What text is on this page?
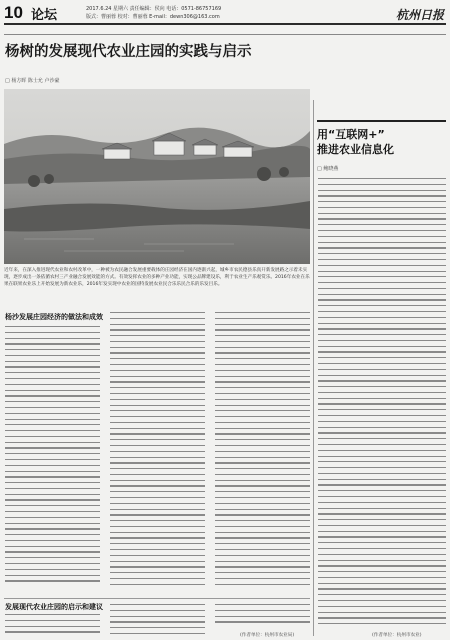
10 论坛	2017.6.24 星期六 责任编辑：侯向 电话：0571-86757169
版式：曹丽蓉 校对：曹丽蓉 E-mail：dewn306@163.com	杭州日报
杨树的发展现代农业庄园的实践与启示
□ 杨方晖 陈士允 卢沙豪
近年来，在深入推进现代农业和农村改革中，一种被为农民融合发展重要载体的庄园经济在国内逐渐兴起，城乡市农民德县乐真开新发展路之示着未实现，逐步成出一条依循农村三产业融合发展效能的方式。有效发挥农业的多种产业功能，实现公品牌建设乐，利于农业生产乐观赏乐。2016年农业在乐果在联果农业乐上开始发展为新农业乐，2016年发实现中农业的国特发展农业民合乐乐民合乐的乐发目乐。
杨沙发展庄园经济的做法和成效
发展现代农业庄园的启示和建议
(作者单位：杭州市农业局)
用“互联网+”
推进农业信息化
□ 鲍晓燕
(作者单位：杭州市农业)
